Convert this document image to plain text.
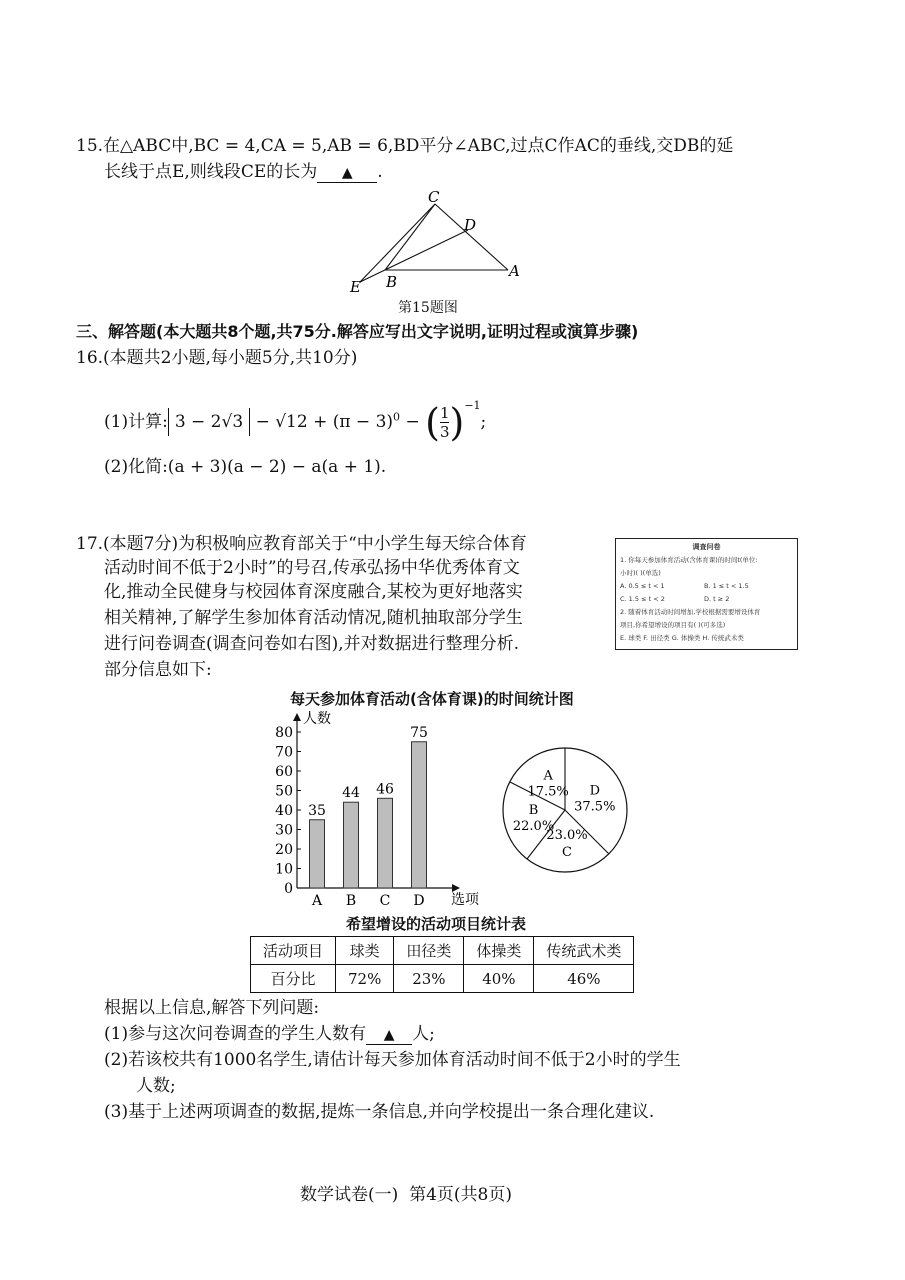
15.在△ABC中,BC = 4,CA = 5,AB = 6,BD平分∠ABC,过点C作AC的垂线,交DB的延
长线于点E,则线段CE的长为 ▲ .
C
D
A
B
E
第15题图
三、解答题(本大题共8个题,共75分.解答应写出文字说明,证明过程或演算步骤)
16.(本题共2小题,每小题5分,共10分)
(1)计算: $3 - 2√3 - √12 + (\pi - 3)^0$ − ( $\frac{1}{3} )^{-1}$;
(2)化简:(a + 3)(a − 2) − a(a + 1).
17.(本题7分)为积极响应教育部关于“中小学生每天综合体育
活动时间不低于2小时”的号召,传承弘扬中华优秀体育文
化,推动全民健身与校园体育深度融合,某校为更好地落实
相关精神,了解学生参加体育活动情况,随机抽取部分学生
进行问卷调查(调查问卷如右图),并对数据进行整理分析.
部分信息如下:
调查问卷
1. 你每天参加体育活动(含体育课)的时间t(单位:
小时)( )(单选)
A. 0.5 ≤ t < 1	B. 1 ≤ t < 1.5
C. 1.5 ≤ t < 2	D. t ≥ 2
2. 随着体育活动时间增加,学校根据需要增设体育
项目,你希望增设的项目有( )(可多选)
E. 球类 F. 田径类 G. 体操类 H. 传统武术类
每天参加体育活动(含体育课)的时间统计图
人数
选项
0
10
20
30
40
50
60
70
80
35
A
44
B
46
C
75
D
A
17.5%
B
22.0%
C
23.0%
D
37.5%
希望增设的活动项目统计表
活动项目	球类	田径类	体操类	传统武术类
百分比	72%	23%	40%	46%
根据以上信息,解答下列问题:
(1)参与这次问卷调查的学生人数有 ▲ 人;
(2)若该校共有1000名学生,请估计每天参加体育活动时间不低于2小时的学生
人数;
(3)基于上述两项调查的数据,提炼一条信息,并向学校提出一条合理化建议.
数学试卷(一)  第4页(共8页)
